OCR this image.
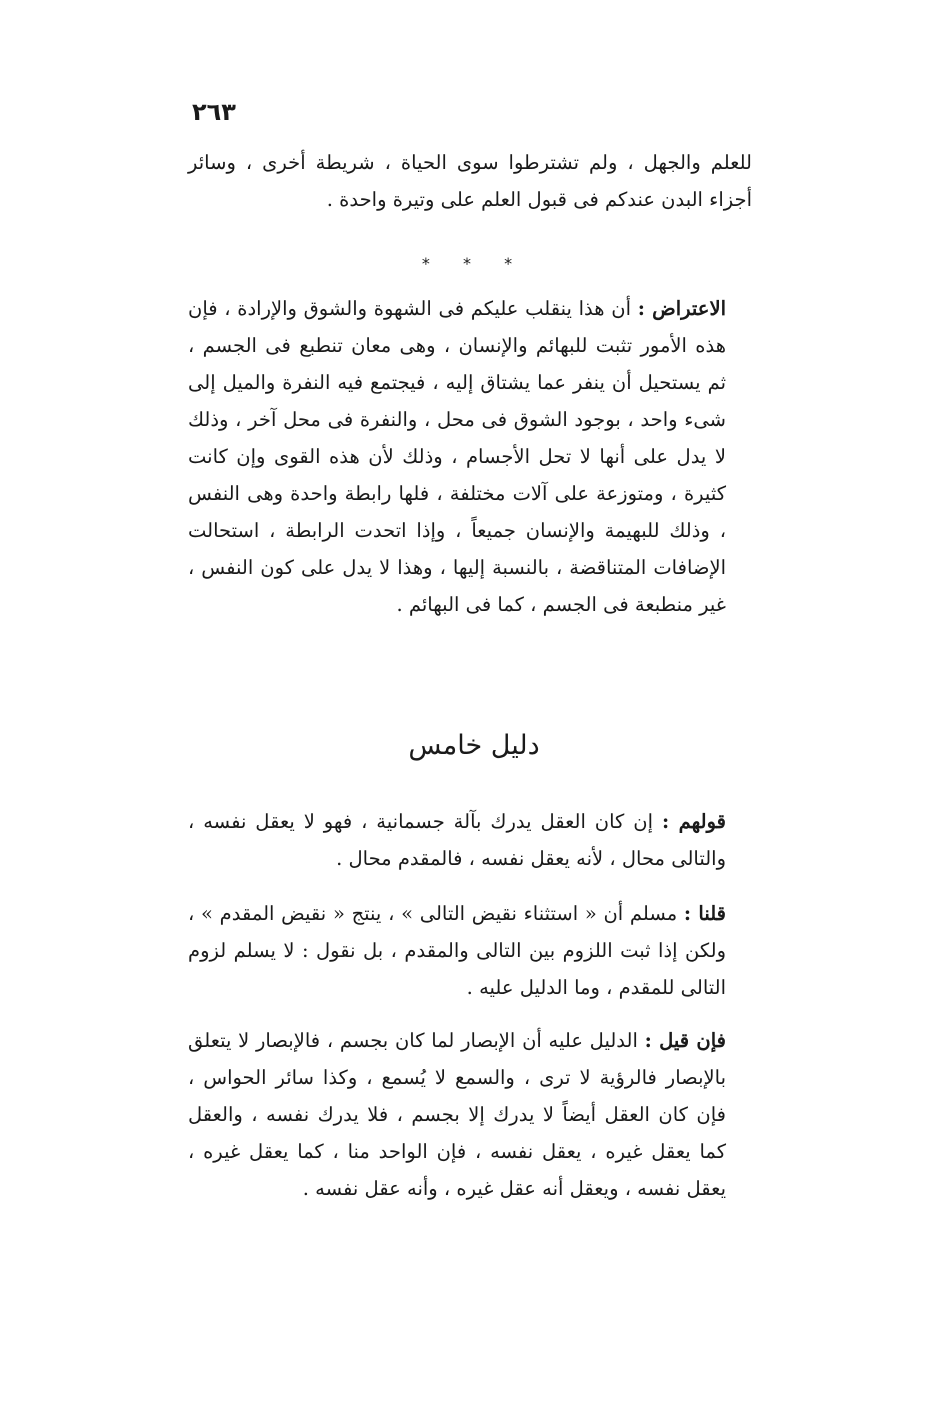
٢٦٣

للعلم والجهل ، ولم تشترطوا سوى الحياة ، شريطة أخرى ، وسائر أجزاء البدن عندكم فى قبول العلم على وتيرة واحدة .

* * *

الاعتراض : أن هذا ينقلب عليكم فى الشهوة والشوق والإرادة ، فإن هذه الأمور تثبت للبهائم والإنسان ، وهى معان تنطبع فى الجسم ، ثم يستحيل أن ينفر عما يشتاق إليه ، فيجتمع فيه النفرة والميل إلى شىء واحد ، بوجود الشوق فى محل ، والنفرة فى محل آخر ، وذلك لا يدل على أنها لا تحل الأجسام ، وذلك لأن هذه القوى وإن كانت كثيرة ، ومتوزعة على آلات مختلفة ، فلها رابطة واحدة وهى النفس ، وذلك للبهيمة والإنسان جميعاً ، وإذا اتحدت الرابطة ، استحالت الإضافات المتناقضة ، بالنسبة إليها ، وهذا لا يدل على كون النفس ، غير منطبعة فى الجسم ، كما فى البهائم .

دليل خامس

قولهم : إن كان العقل يدرك بآلة جسمانية ، فهو لا يعقل نفسه ، والتالى محال ، لأنه يعقل نفسه ، فالمقدم محال .

قلنا : مسلم أن « استثناء نقيض التالى » ، ينتج « نقيض المقدم » ، ولكن إذا ثبت اللزوم بين التالى والمقدم ، بل نقول : لا يسلم لزوم التالى للمقدم ، وما الدليل عليه .

فإن قيل : الدليل عليه أن الإبصار لما كان بجسم ، فالإبصار لا يتعلق بالإبصار فالرؤية لا ترى ، والسمع لا يُسمع ، وكذا سائر الحواس ، فإن كان العقل أيضاً لا يدرك إلا بجسم ، فلا يدرك نفسه ، والعقل كما يعقل غيره ، يعقل نفسه ، فإن الواحد منا ، كما يعقل غيره ، يعقل نفسه ، ويعقل أنه عقل غيره ، وأنه عقل نفسه .
